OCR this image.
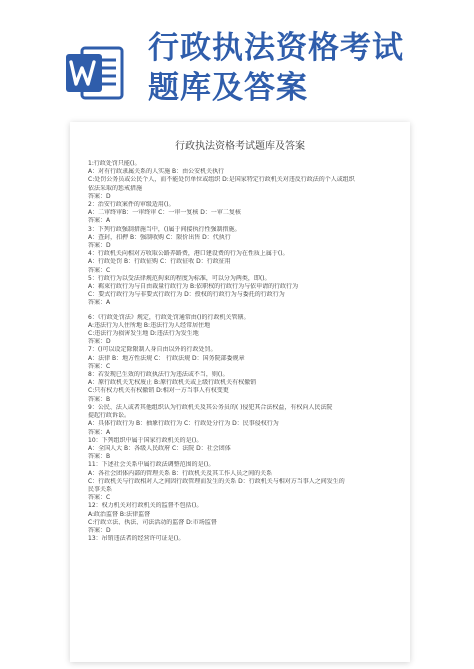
行政执法资格考试
题库及答案
行政执法资格考试题库及答案
1:行政处罚只能()。
A：对有行政隶属关系的人实施 B：由公安机关执行
C:处罚公务员或公民个人，而不能处罚单位或组织 D:是国家特定行政机关对违反行政法的个人或组织
依法采取的惩戒措施
答案：D
2：治安行政案件的审级适用()。
A：二审终审B：一审终审 C：一审一复核 D：一审二复核
答案：A
3：下列行政强制措施当中，()属于间接执行性强制措施。
A：查封，扣押 B：强制收购 C：限价出售 D：代执行
答案：D
4：行政机关向相对方收取公路养路费，港口建设费的行为在性质上属于()。
A：行政处罚 B：行政征购 C：行政征收 D：行政征用
答案：C
5：行政行为以受法律规范拘束的程度为标准，可以分为两类，即()。
A：羁束行政行为与自由裁量行政行为 B:依职权的行政行为与依申请的行政行为
C：要式行政行为与非要式行政行为 D：授权的行政行为与委托的行政行为
答案：A
6：《行政处罚法》规定，行政处罚通常由()的行政机关管辖。
A:违法行为人住所地 B:违法行为人经常居住地
C:违法行为损害发生地 D:违法行为发生地
答案：D
7：()可以设定除限制人身自由以外的行政处罚。
A：法律 B：地方性法规 C： 行政法规 D：国务院部委规章
答案：C
8：若发现已生效的行政执法行为违法或不当，则()。
A：原行政机关无权废止 B:原行政机关或上级行政机关有权撤销
C:只有权力机关有权撤销 D:相对一方当事人有权变更
答案：B
9：公民、法人或者其他组织认为行政机关及其公务员的( )侵犯其合法权益，有权向人民法院
提起行政诉讼。
A：具体行政行为 B：抽象行政行为 C：行政处分行为 D：民事侵权行为
答案：A
10：下列组织中属于国家行政机关的是()。
A：全国人大 B：各级人民政府 C：法院 D：社会团体
答案：B
11：下述社会关系中属行政法调整范围的是()。
A：各社会团体内部的管理关系 B：行政机关及其工作人员之间的关系
C：行政机关与行政相对人之间因行政管理而发生的关系 D：行政机关与相对方当事人之间发生的
民事关系
答案：C
12：权力机关对行政机关的监督不包括()。
A:政治监督 B:法律监督
C:行政立法、执法、司法活动的监督 D:市场监督
答案：D
13：吊销违法者的经营许可证是()。
